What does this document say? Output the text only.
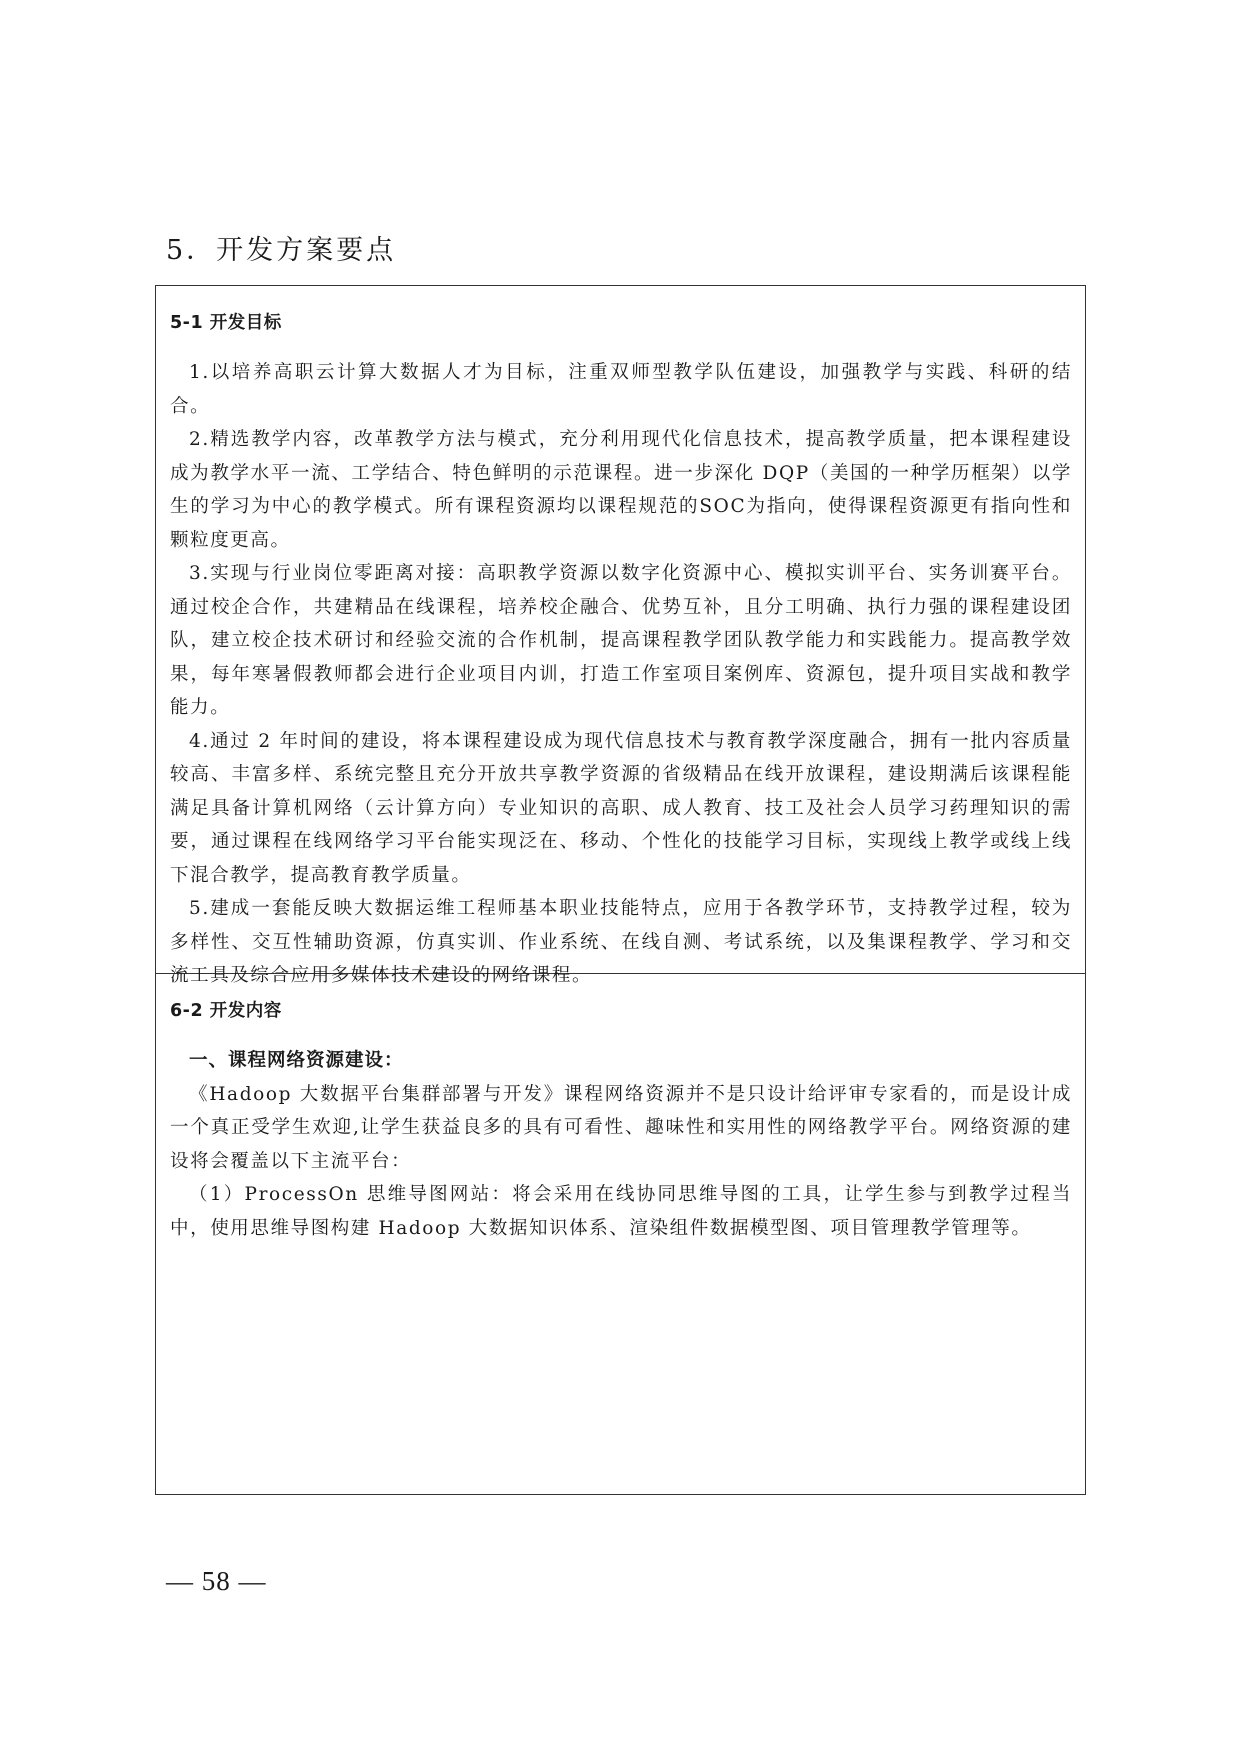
5．开发方案要点
5-1 开发目标

1.以培养高职云计算大数据人才为目标，注重双师型教学队伍建设，加强教学与实践、科研的结合。

2.精选教学内容，改革教学方法与模式，充分利用现代化信息技术，提高教学质量，把本课程建设成为教学水平一流、工学结合、特色鲜明的示范课程。进一步深化 DQP（美国的一种学历框架）以学生的学习为中心的教学模式。所有课程资源均以课程规范的SOC为指向，使得课程资源更有指向性和颗粒度更高。

3.实现与行业岗位零距离对接：高职教学资源以数字化资源中心、模拟实训平台、实务训赛平台。通过校企合作，共建精品在线课程，培养校企融合、优势互补，且分工明确、执行力强的课程建设团队，建立校企技术研讨和经验交流的合作机制，提高课程教学团队教学能力和实践能力。提高教学效果，每年寒暑假教师都会进行企业项目内训，打造工作室项目案例库、资源包，提升项目实战和教学能力。

4.通过 2 年时间的建设，将本课程建设成为现代信息技术与教育教学深度融合，拥有一批内容质量较高、丰富多样、系统完整且充分开放共享教学资源的省级精品在线开放课程，建设期满后该课程能满足具备计算机网络（云计算方向）专业知识的高职、成人教育、技工及社会人员学习药理知识的需要，通过课程在线网络学习平台能实现泛在、移动、个性化的技能学习目标，实现线上教学或线上线下混合教学，提高教育教学质量。

5.建成一套能反映大数据运维工程师基本职业技能特点，应用于各教学环节，支持教学过程，较为多样性、交互性辅助资源，仿真实训、作业系统、在线自测、考试系统，以及集课程教学、学习和交流工具及综合应用多媒体技术建设的网络课程。

6-2 开发内容

一、课程网络资源建设：

《Hadoop 大数据平台集群部署与开发》课程网络资源并不是只设计给评审专家看的，而是设计成一个真正受学生欢迎,让学生获益良多的具有可看性、趣味性和实用性的网络教学平台。网络资源的建设将会覆盖以下主流平台：

（1）ProcessOn 思维导图网站：将会采用在线协同思维导图的工具，让学生参与到教学过程当中，使用思维导图构建 Hadoop 大数据知识体系、渲染组件数据模型图、项目管理教学管理等。

— 58 —
